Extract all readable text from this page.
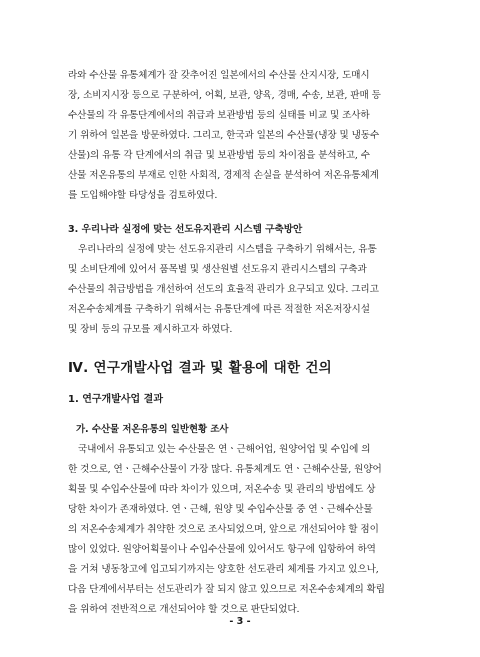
라와 수산물 유통체계가 잘 갖추어진 일본에서의 수산물 산지시장, 도매시

장, 소비지시장 등으로 구분하여, 어획, 보관, 양육, 경매, 수송, 보관, 판매 등

수산물의 각 유통단계에서의 취급과 보관방법 등의 실태를 비교 및 조사하

기 위하여 일본을 방문하였다. 그리고, 한국과 일본의 수산물(냉장 및 냉동수

산물)의 유통 각 단계에서의 취급 및 보관방법 등의 차이점을 분석하고, 수

산물 저온유통의 부재로 인한 사회적, 경제적 손실을 분석하여 저온유통체계

를 도입해야할 타당성을 검토하였다.

3. 우리나라 실정에 맞는 선도유지관리 시스템 구축방안

우리나라의 실정에 맞는 선도유지관리 시스템을 구축하기 위해서는, 유통

및 소비단계에 있어서 품목별 및 생산원별 선도유지 관리시스템의 구축과

수산물의 취급방법을 개선하여 선도의 효율적 관리가 요구되고 있다. 그리고

저온수송체계를 구축하기 위해서는 유통단계에 따른 적절한 저온저장시설

및 장비 등의 규모를 제시하고자 하였다.

Ⅳ. 연구개발사업 결과 및 활용에 대한 건의
1. 연구개발사업 결과
가. 수산물 저온유통의 일반현황 조사

국내에서 유통되고 있는 수산물은 연ㆍ근해어업, 원양어업 및 수입에 의

한 것으로, 연ㆍ근해수산물이 가장 많다. 유통체계도 연ㆍ근해수산물, 원양어

획물 및 수입수산물에 따라 차이가 있으며, 저온수송 및 관리의 방법에도 상

당한 차이가 존재하였다. 연ㆍ근해, 원양 및 수입수산물 중 연ㆍ근해수산물

의 저온수송체계가 취약한 것으로 조사되었으며, 앞으로 개선되어야 할 점이

많이 있었다. 원양어획물이나 수입수산물에 있어서도 항구에 입항하여 하역

을 거쳐 냉동창고에 입고되기까지는 양호한 선도관리 체계를 가지고 있으나,

다음 단계에서부터는 선도관리가 잘 되지 않고 있으므로 저온수송체계의 확립

을 위하여 전반적으로 개선되어야 할 것으로 판단되었다.

- 3 -
